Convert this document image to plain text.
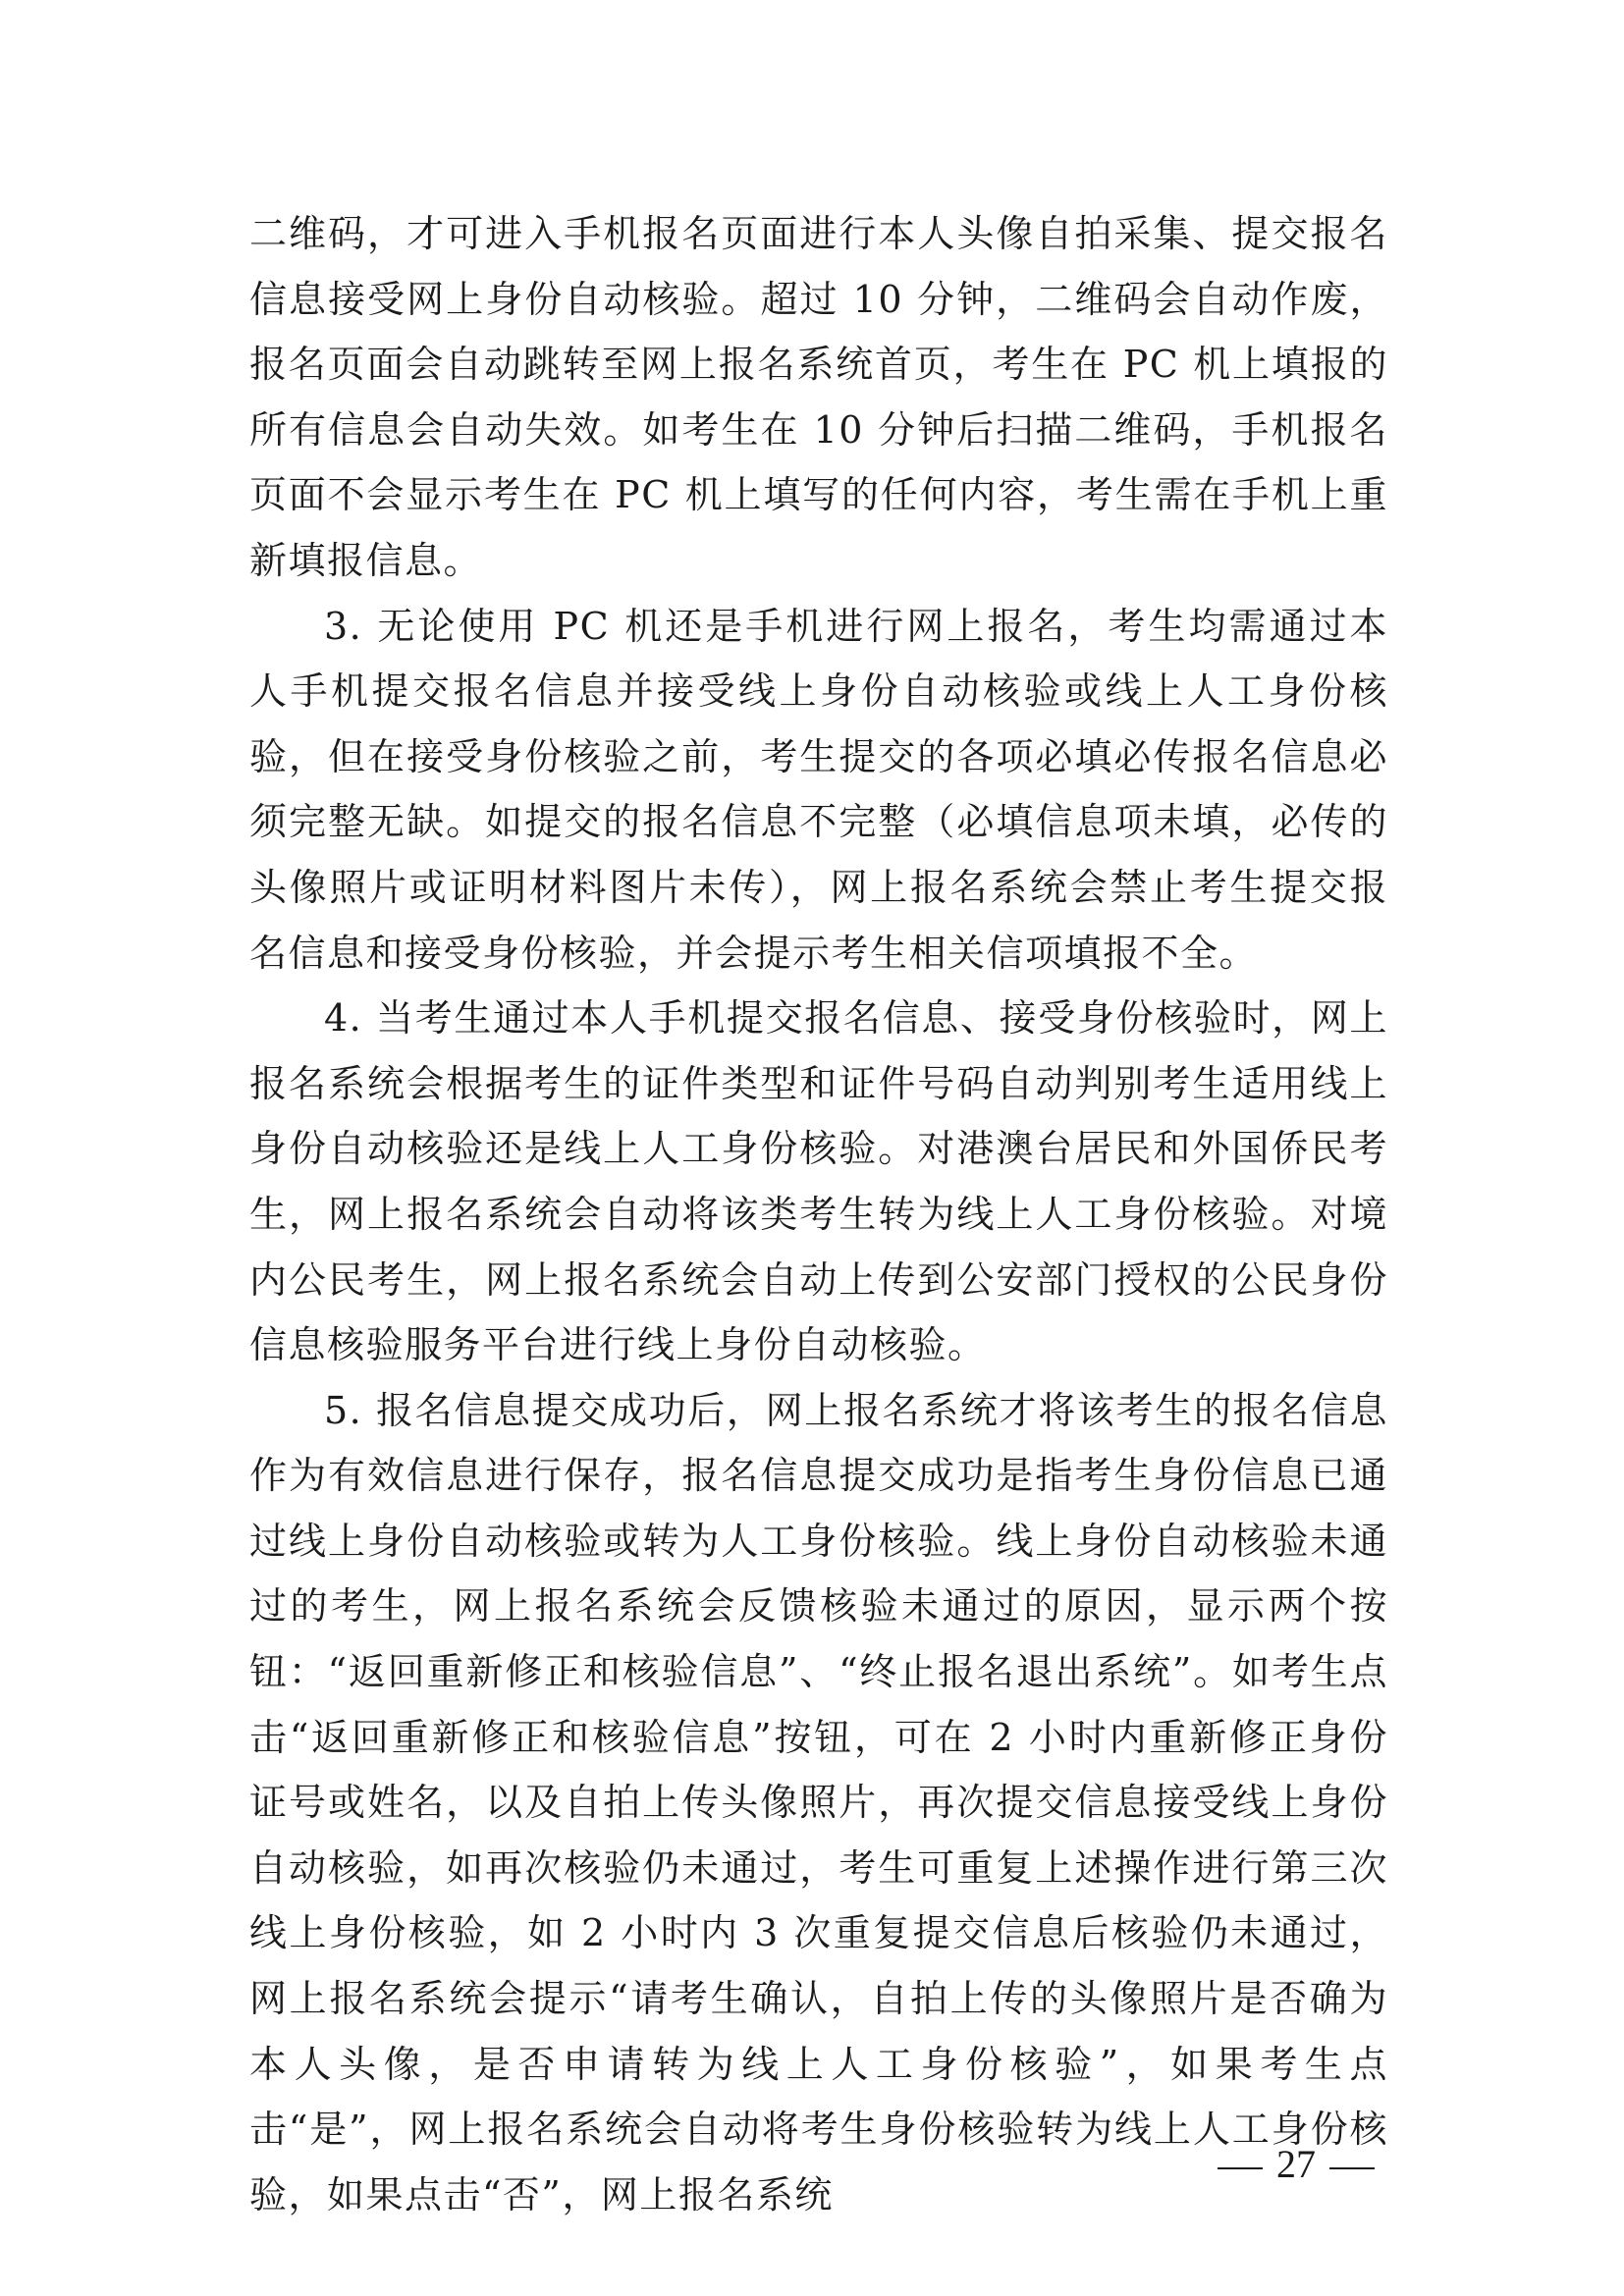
二维码，才可进入手机报名页面进行本人头像自拍采集、提交报名信息接受网上身份自动核验。超过 10 分钟，二维码会自动作废，报名页面会自动跳转至网上报名系统首页，考生在 PC 机上填报的所有信息会自动失效。如考生在 10 分钟后扫描二维码，手机报名页面不会显示考生在 PC 机上填写的任何内容，考生需在手机上重新填报信息。

3. 无论使用 PC 机还是手机进行网上报名，考生均需通过本人手机提交报名信息并接受线上身份自动核验或线上人工身份核验，但在接受身份核验之前，考生提交的各项必填必传报名信息必须完整无缺。如提交的报名信息不完整（必填信息项未填，必传的头像照片或证明材料图片未传），网上报名系统会禁止考生提交报名信息和接受身份核验，并会提示考生相关信项填报不全。

4. 当考生通过本人手机提交报名信息、接受身份核验时，网上报名系统会根据考生的证件类型和证件号码自动判别考生适用线上身份自动核验还是线上人工身份核验。对港澳台居民和外国侨民考生，网上报名系统会自动将该类考生转为线上人工身份核验。对境内公民考生，网上报名系统会自动上传到公安部门授权的公民身份信息核验服务平台进行线上身份自动核验。

5. 报名信息提交成功后，网上报名系统才将该考生的报名信息作为有效信息进行保存，报名信息提交成功是指考生身份信息已通过线上身份自动核验或转为人工身份核验。线上身份自动核验未通过的考生，网上报名系统会反馈核验未通过的原因，显示两个按钮：“返回重新修正和核验信息”、“终止报名退出系统”。如考生点击“返回重新修正和核验信息”按钮，可在 2 小时内重新修正身份证号或姓名，以及自拍上传头像照片，再次提交信息接受线上身份自动核验，如再次核验仍未通过，考生可重复上述操作进行第三次线上身份核验，如 2 小时内 3 次重复提交信息后核验仍未通过，网上报名系统会提示“请考生确认，自拍上传的头像照片是否确为本人头像，是否申请转为线上人工身份核验”，如果考生点击“是”，网上报名系统会自动将考生身份核验转为线上人工身份核验，如果点击“否”，网上报名系统

27
